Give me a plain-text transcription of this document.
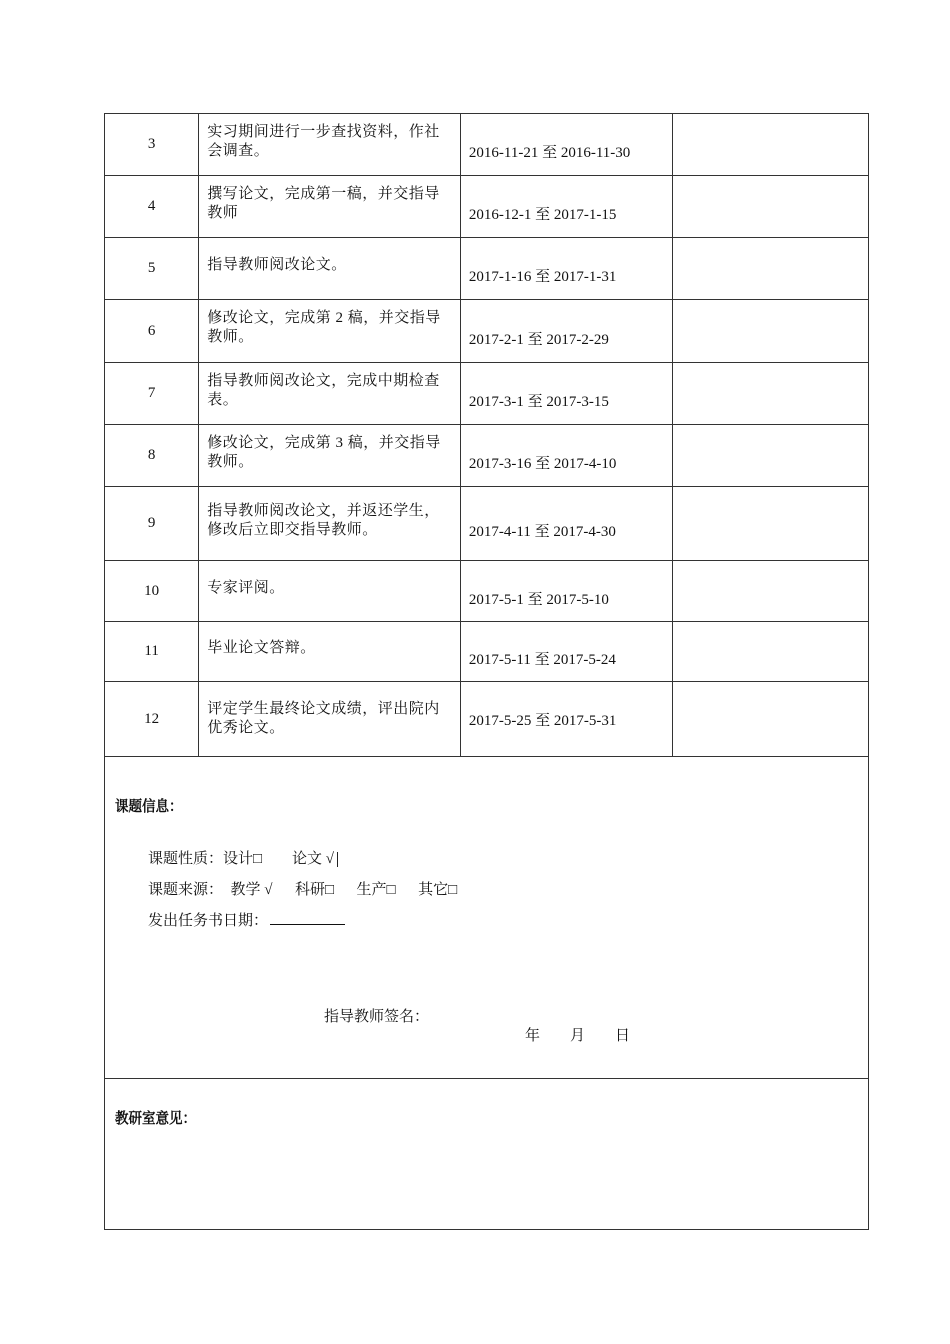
3	实习期间进行一步查找资料，作社会调查。	2016-11-21 至 2016-11-30	

4	撰写论文，完成第一稿，并交指导教师	2016-12-1 至 2017-1-15	

5	指导教师阅改论文。	2017-1-16 至 2017-1-31	

6	修改论文，完成第 2 稿，并交指导教师。	2017-2-1 至 2017-2-29	

7	指导教师阅改论文，完成中期检查表。	2017-3-1 至 2017-3-15	

8	修改论文，完成第 3 稿，并交指导教师。	2017-3-16 至 2017-4-10	

9	指导教师阅改论文，并返还学生，修改后立即交指导教师。	2017-4-11 至 2017-4-30	

10	专家评阅。	2017-5-1 至 2017-5-10	

11	毕业论文答辩。	2017-5-11 至 2017-5-24	

12	评定学生最终论文成绩，评出院内优秀论文。	2017-5-25 至 2017-5-31	

课题信息：
课题性质：设计□        论文 √
课题来源：  教学 √      科研□      生产□      其它□
发出任务书日期：
指导教师签名：
年        月        日

教研室意见：			
